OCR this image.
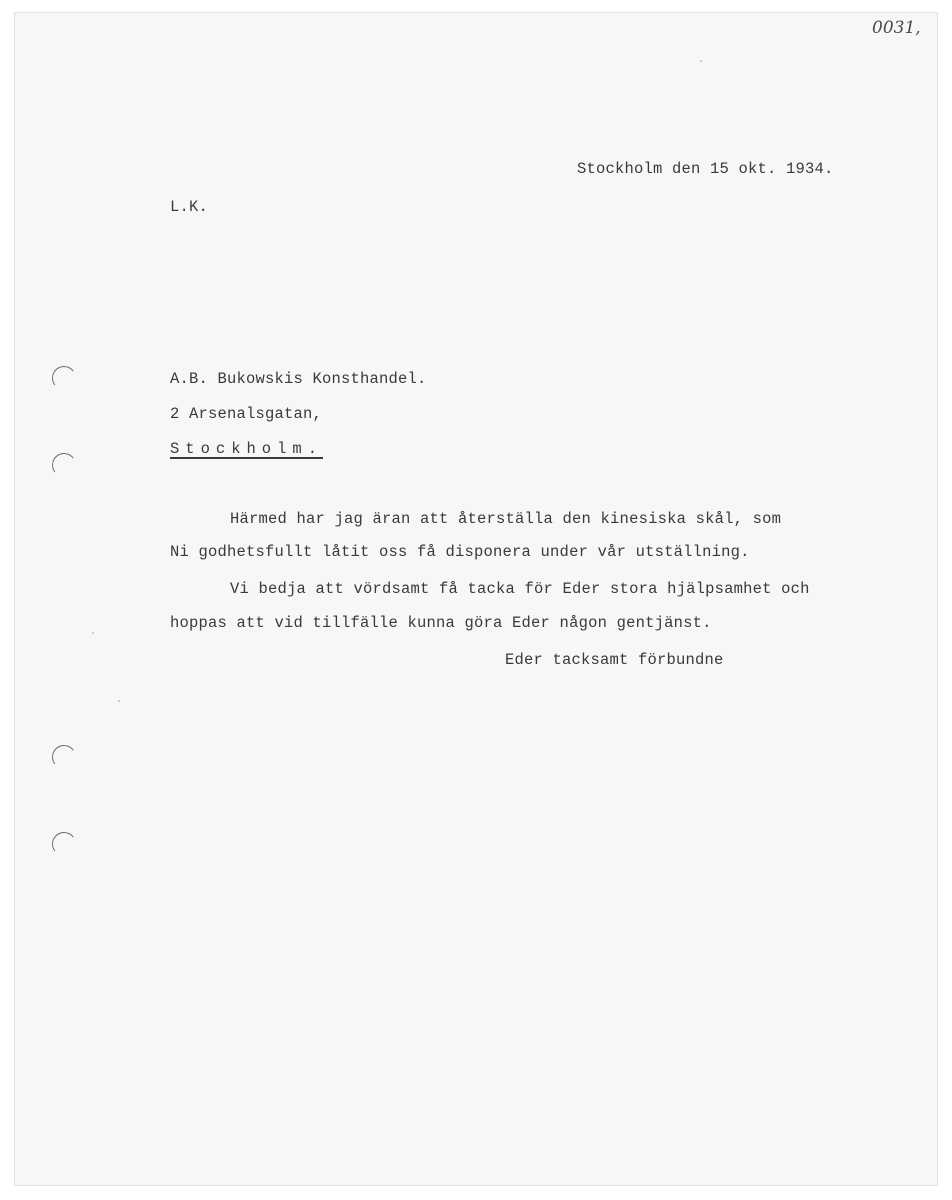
0031,
Stockholm den 15 okt. 1934.
L.K.
A.B. Bukowskis Konsthandel.
2 Arsenalsgatan,
Stockholm.
Härmed har jag äran att återställa den kinesiska skål, som
Ni godhetsfullt låtit oss få disponera under vår utställning.
Vi bedja att vördsamt få tacka för Eder stora hjälpsamhet och
hoppas att vid tillfälle kunna göra Eder någon gentjänst.
Eder tacksamt förbundne
